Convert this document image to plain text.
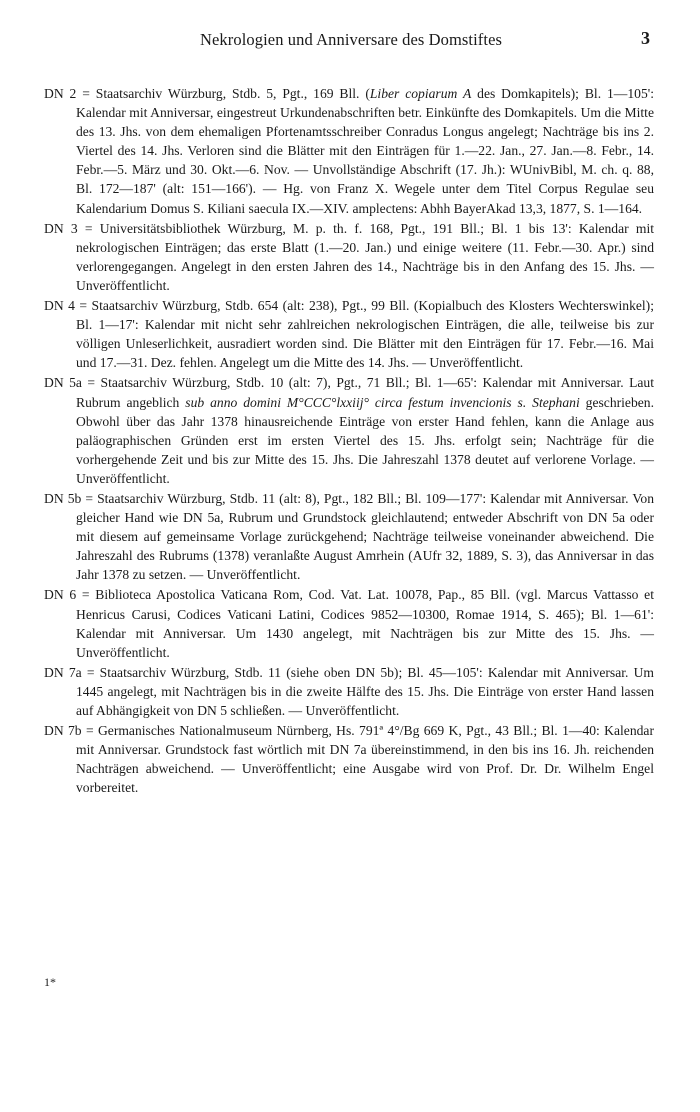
Nekrologien und Anniversare des Domstiftes	3

DN 2 = Staatsarchiv Würzburg, Stdb. 5, Pgt., 169 Bll. (Liber copiarum A des Domkapitels); Bl. 1—105': Kalendar mit Anniversar, eingestreut Urkundenabschriften betr. Einkünfte des Domkapitels. Um die Mitte des 13. Jhs. von dem ehemaligen Pfortenamtsschreiber Conradus Longus angelegt; Nachträge bis ins 2. Viertel des 14. Jhs. Verloren sind die Blätter mit den Einträgen für 1.—22. Jan., 27. Jan.—8. Febr., 14. Febr.—5. März und 30. Okt.—6. Nov. — Unvollständige Abschrift (17. Jh.): WUnivBibl, M. ch. q. 88, Bl. 172—187' (alt: 151—166'). — Hg. von Franz X. Wegele unter dem Titel Corpus Regulae seu Kalendarium Domus S. Kiliani saecula IX.—XIV. amplectens: Abhh BayerAkad 13,3, 1877, S. 1—164.

DN 3 = Universitätsbibliothek Würzburg, M. p. th. f. 168, Pgt., 191 Bll.; Bl. 1 bis 13': Kalendar mit nekrologischen Einträgen; das erste Blatt (1.—20. Jan.) und einige weitere (11. Febr.—30. Apr.) sind verlorengegangen. Angelegt in den ersten Jahren des 14., Nachträge bis in den Anfang des 15. Jhs. — Unveröffentlicht.

DN 4 = Staatsarchiv Würzburg, Stdb. 654 (alt: 238), Pgt., 99 Bll. (Kopialbuch des Klosters Wechterswinkel); Bl. 1—17': Kalendar mit nicht sehr zahlreichen nekrologischen Einträgen, die alle, teilweise bis zur völligen Unleserlichkeit, ausradiert worden sind. Die Blätter mit den Einträgen für 17. Febr.—16. Mai und 17.—31. Dez. fehlen. Angelegt um die Mitte des 14. Jhs. — Unveröffentlicht.

DN 5a = Staatsarchiv Würzburg, Stdb. 10 (alt: 7), Pgt., 71 Bll.; Bl. 1—65': Kalendar mit Anniversar. Laut Rubrum angeblich sub anno domini M°CCC°lxxiij° circa festum invencionis s. Stephani geschrieben. Obwohl über das Jahr 1378 hinausreichende Einträge von erster Hand fehlen, kann die Anlage aus paläographischen Gründen erst im ersten Viertel des 15. Jhs. erfolgt sein; Nachträge für die vorhergehende Zeit und bis zur Mitte des 15. Jhs. Die Jahreszahl 1378 deutet auf verlorene Vorlage. — Unveröffentlicht.

DN 5b = Staatsarchiv Würzburg, Stdb. 11 (alt: 8), Pgt., 182 Bll.; Bl. 109—177': Kalendar mit Anniversar. Von gleicher Hand wie DN 5a, Rubrum und Grundstock gleichlautend; entweder Abschrift von DN 5a oder mit diesem auf gemeinsame Vorlage zurückgehend; Nachträge teilweise voneinander abweichend. Die Jahreszahl des Rubrums (1378) veranlaßte August Amrhein (AUfr 32, 1889, S. 3), das Anniversar in das Jahr 1378 zu setzen. — Unveröffentlicht.

DN 6 = Biblioteca Apostolica Vaticana Rom, Cod. Vat. Lat. 10078, Pap., 85 Bll. (vgl. Marcus Vattasso et Henricus Carusi, Codices Vaticani Latini, Codices 9852—10300, Romae 1914, S. 465); Bl. 1—61': Kalendar mit Anniversar. Um 1430 angelegt, mit Nachträgen bis zur Mitte des 15. Jhs. — Unveröffentlicht.

DN 7a = Staatsarchiv Würzburg, Stdb. 11 (siehe oben DN 5b); Bl. 45—105': Kalendar mit Anniversar. Um 1445 angelegt, mit Nachträgen bis in die zweite Hälfte des 15. Jhs. Die Einträge von erster Hand lassen auf Abhängigkeit von DN 5 schließen. — Unveröffentlicht.

DN 7b = Germanisches Nationalmuseum Nürnberg, Hs. 791ª 4°/Bg 669 K, Pgt., 43 Bll.; Bl. 1—40: Kalendar mit Anniversar. Grundstock fast wörtlich mit DN 7a übereinstimmend, in den bis ins 16. Jh. reichenden Nachträgen abweichend. — Unveröffentlicht; eine Ausgabe wird von Prof. Dr. Dr. Wilhelm Engel vorbereitet.

1*
